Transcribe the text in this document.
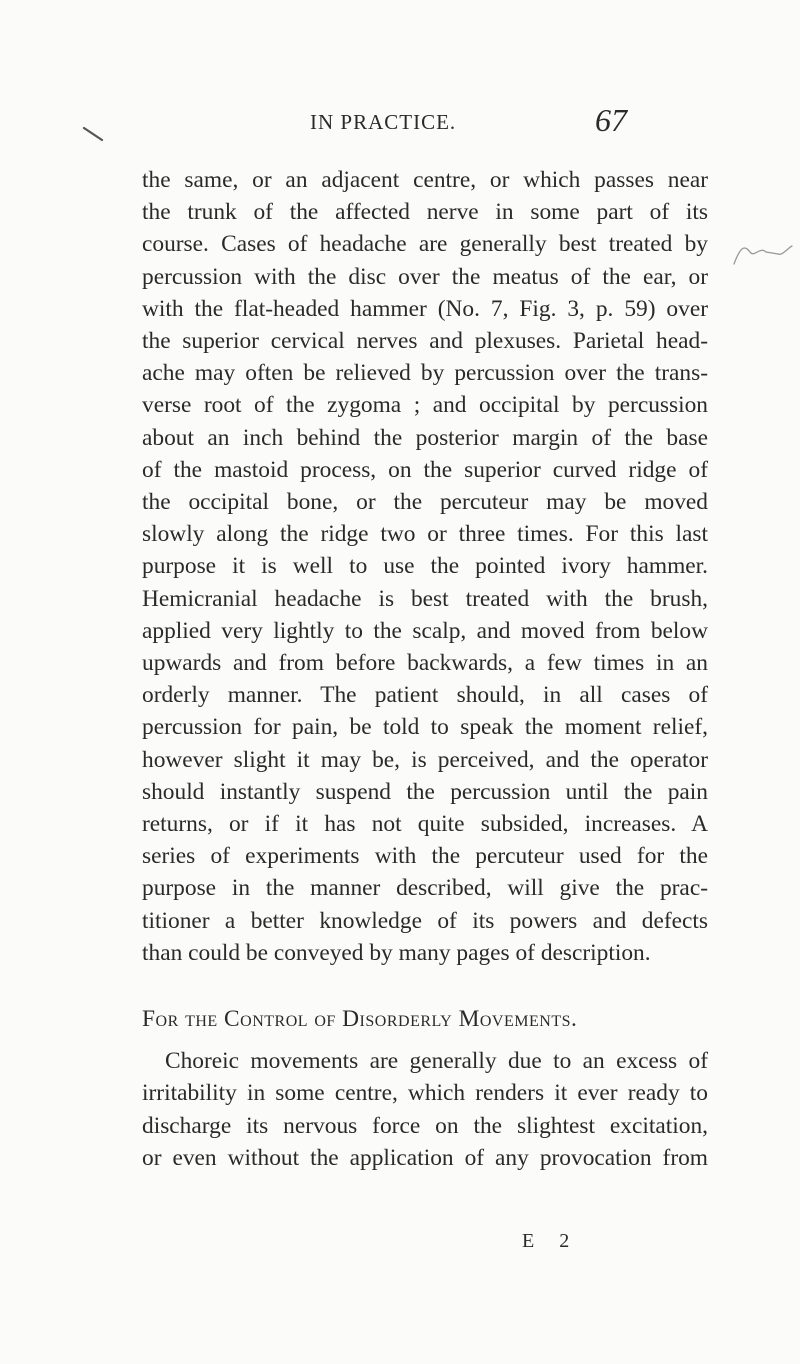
IN PRACTICE.	67
the same, or an adjacent centre, or which passes near
the trunk of the affected nerve in some part of its
course. Cases of headache are generally best treated by
percussion with the disc over the meatus of the ear, or
with the flat-headed hammer (No. 7, Fig. 3, p. 59) over
the superior cervical nerves and plexuses. Parietal head-
ache may often be relieved by percussion over the trans-
verse root of the zygoma ; and occipital by percussion
about an inch behind the posterior margin of the base
of the mastoid process, on the superior curved ridge of
the occipital bone, or the percuteur may be moved
slowly along the ridge two or three times. For this last
purpose it is well to use the pointed ivory hammer.
Hemicranial headache is best treated with the brush,
applied very lightly to the scalp, and moved from below
upwards and from before backwards, a few times in an
orderly manner. The patient should, in all cases of
percussion for pain, be told to speak the moment relief,
however slight it may be, is perceived, and the operator
should instantly suspend the percussion until the pain
returns, or if it has not quite subsided, increases. A
series of experiments with the percuteur used for the
purpose in the manner described, will give the prac-
titioner a better knowledge of its powers and defects
than could be conveyed by many pages of description.
For the Control of Disorderly Movements.
Choreic movements are generally due to an excess of
irritability in some centre, which renders it ever ready to
discharge its nervous force on the slightest excitation,
or even without the application of any provocation from
E 2
